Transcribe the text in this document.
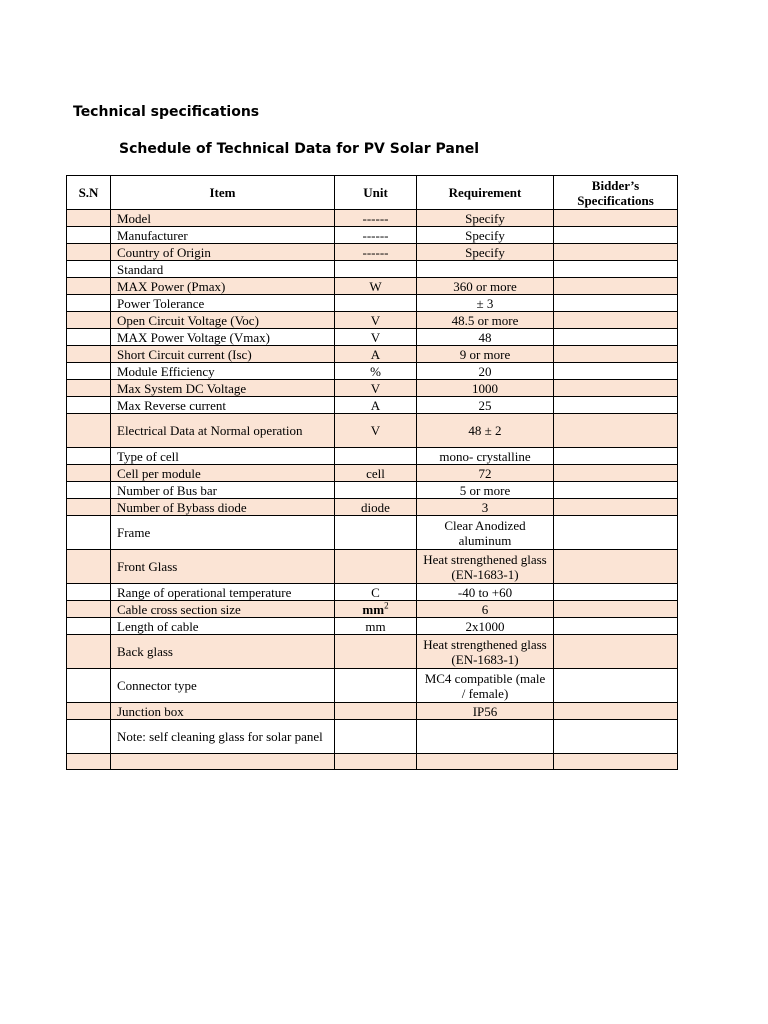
Technical specifications
Schedule of Technical Data for PV Solar Panel
S.N	Item	Unit	Requirement	Bidder’s Specifications
	Model	------	Specify	
	Manufacturer	------	Specify	
	Country of Origin	------	Specify	
	Standard			
	MAX Power (Pmax)	W	360 or more	
	Power Tolerance		± 3	
	Open Circuit Voltage (Voc)	V	48.5 or more	
	MAX Power Voltage (Vmax)	V	48	
	Short Circuit current (Isc)	A	9 or more	
	Module Efficiency	%	20	
	Max System DC Voltage	V	1000	
	Max Reverse current	A	25	
	Electrical Data at Normal operation	V	48 ± 2	
	Type of cell		mono- crystalline	
	Cell per module	cell	72	
	Number of Bus bar		5 or more	
	Number of Bybass diode	diode	3	
	Frame		Clear Anodized aluminum	
	Front Glass		Heat strengthened glass (EN-1683-1)	
	Range of operational temperature	C	-40 to +60	
	Cable cross section size	$mm^2$	6	
	Length of cable	mm	2x1000	
	Back glass		Heat strengthened glass (EN-1683-1)	
	Connector type		MC4 compatible (male / female)	
	Junction box		IP56	
	Note: self cleaning glass for solar panel			
